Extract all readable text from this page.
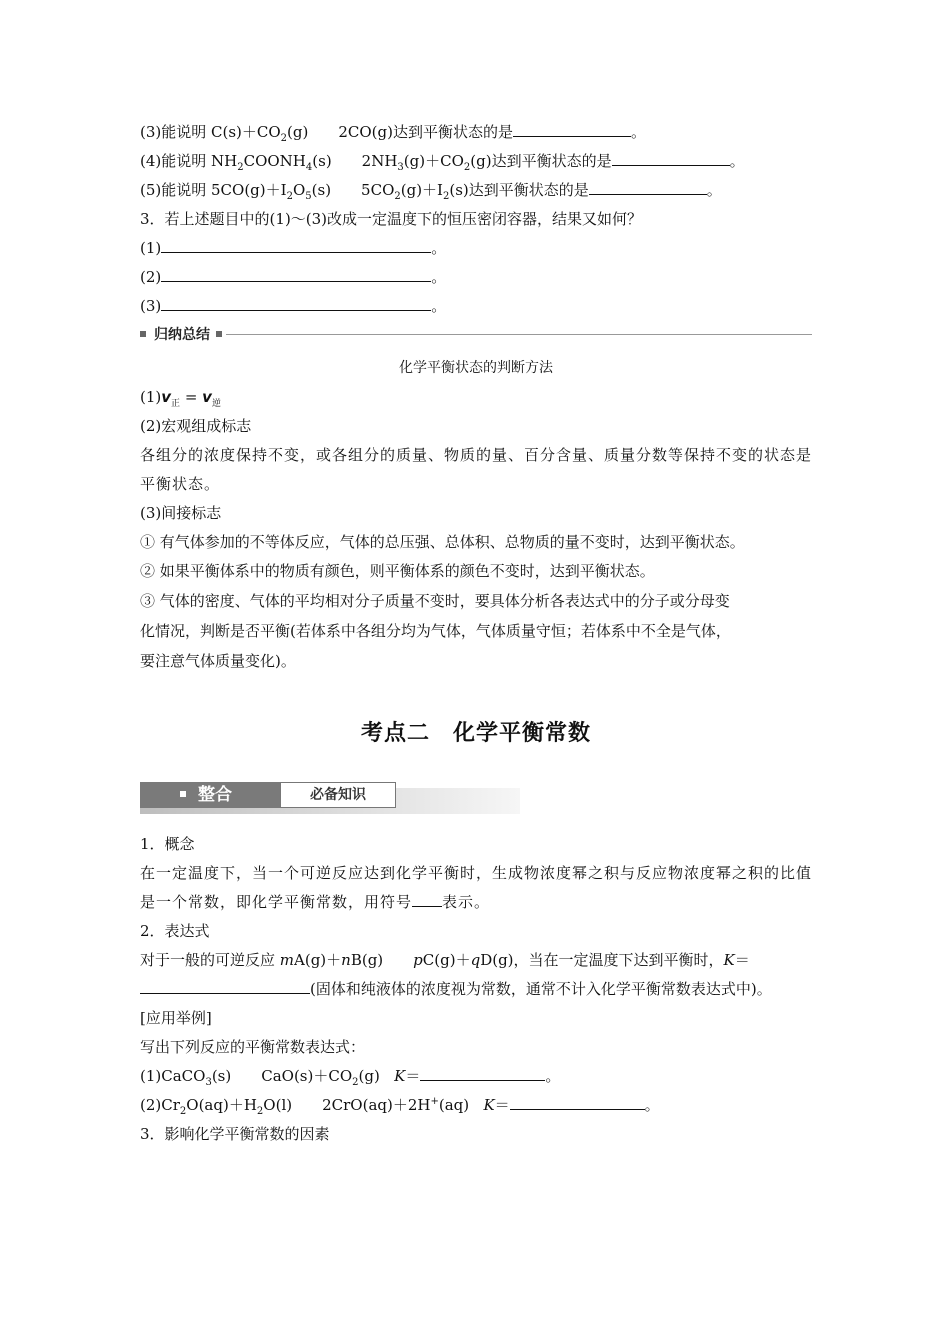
(3)能说明 $C(s)+CO_2(g)$ 2CO(g)达到平衡状态的是	。
(4)能说明 $NH_2COONH_4(s)$ $2NH_3(g)+CO_2(g)$达到平衡状态的是	。
(5)能说明 $5CO(g)+I_2O_5(s)$ $5CO_2(g)+I_2(s)$达到平衡状态的是	。
3．若上述题目中的(1)～(3)改成一定温度下的恒压密闭容器，结果又如何？
(1)	。
(2)	。
(3)	。
归纳总结
化学平衡状态的判断方法
$(1)v_正 = v_逆$
(2)宏观组成标志
各组分的浓度保持不变，或各组分的质量、物质的量、百分含量、质量分数等保持不变的状态是平衡状态。
(3)间接标志
① 有气体参加的不等体反应，气体的总压强、总体积、总物质的量不变时，达到平衡状态。
② 如果平衡体系中的物质有颜色，则平衡体系的颜色不变时，达到平衡状态。
③ 气体的密度、气体的平均相对分子质量不变时，要具体分析各表达式中的分子或分母变
化情况，判断是否平衡(若体系中各组分均为气体，气体质量守恒；若体系中不全是气体，
要注意气体质量变化)。
考点二　化学平衡常数
整合	必备知识
1．概念
在一定温度下，当一个可逆反应达到化学平衡时，生成物浓度幂之积与反应物浓度幂之积的比值是一个常数，即化学平衡常数，用符号 表示。
2．表达式
对于一般的可逆反应 mA(g)＋nB(g) pC(g)＋qD(g)，当在一定温度下达到平衡时，K＝
(固体和纯液体的浓度视为常数，通常不计入化学平衡常数表达式中)。
[应用举例]
写出下列反应的平衡常数表达式：
(1)CaCO$_3$(s) $CaO(s)+CO_2(g)$ K＝	。
$(2)Cr_2O(aq)+H_2O(l)$ 2CrO(aq)＋2H+(aq) K＝	。
3．影响化学平衡常数的因素
